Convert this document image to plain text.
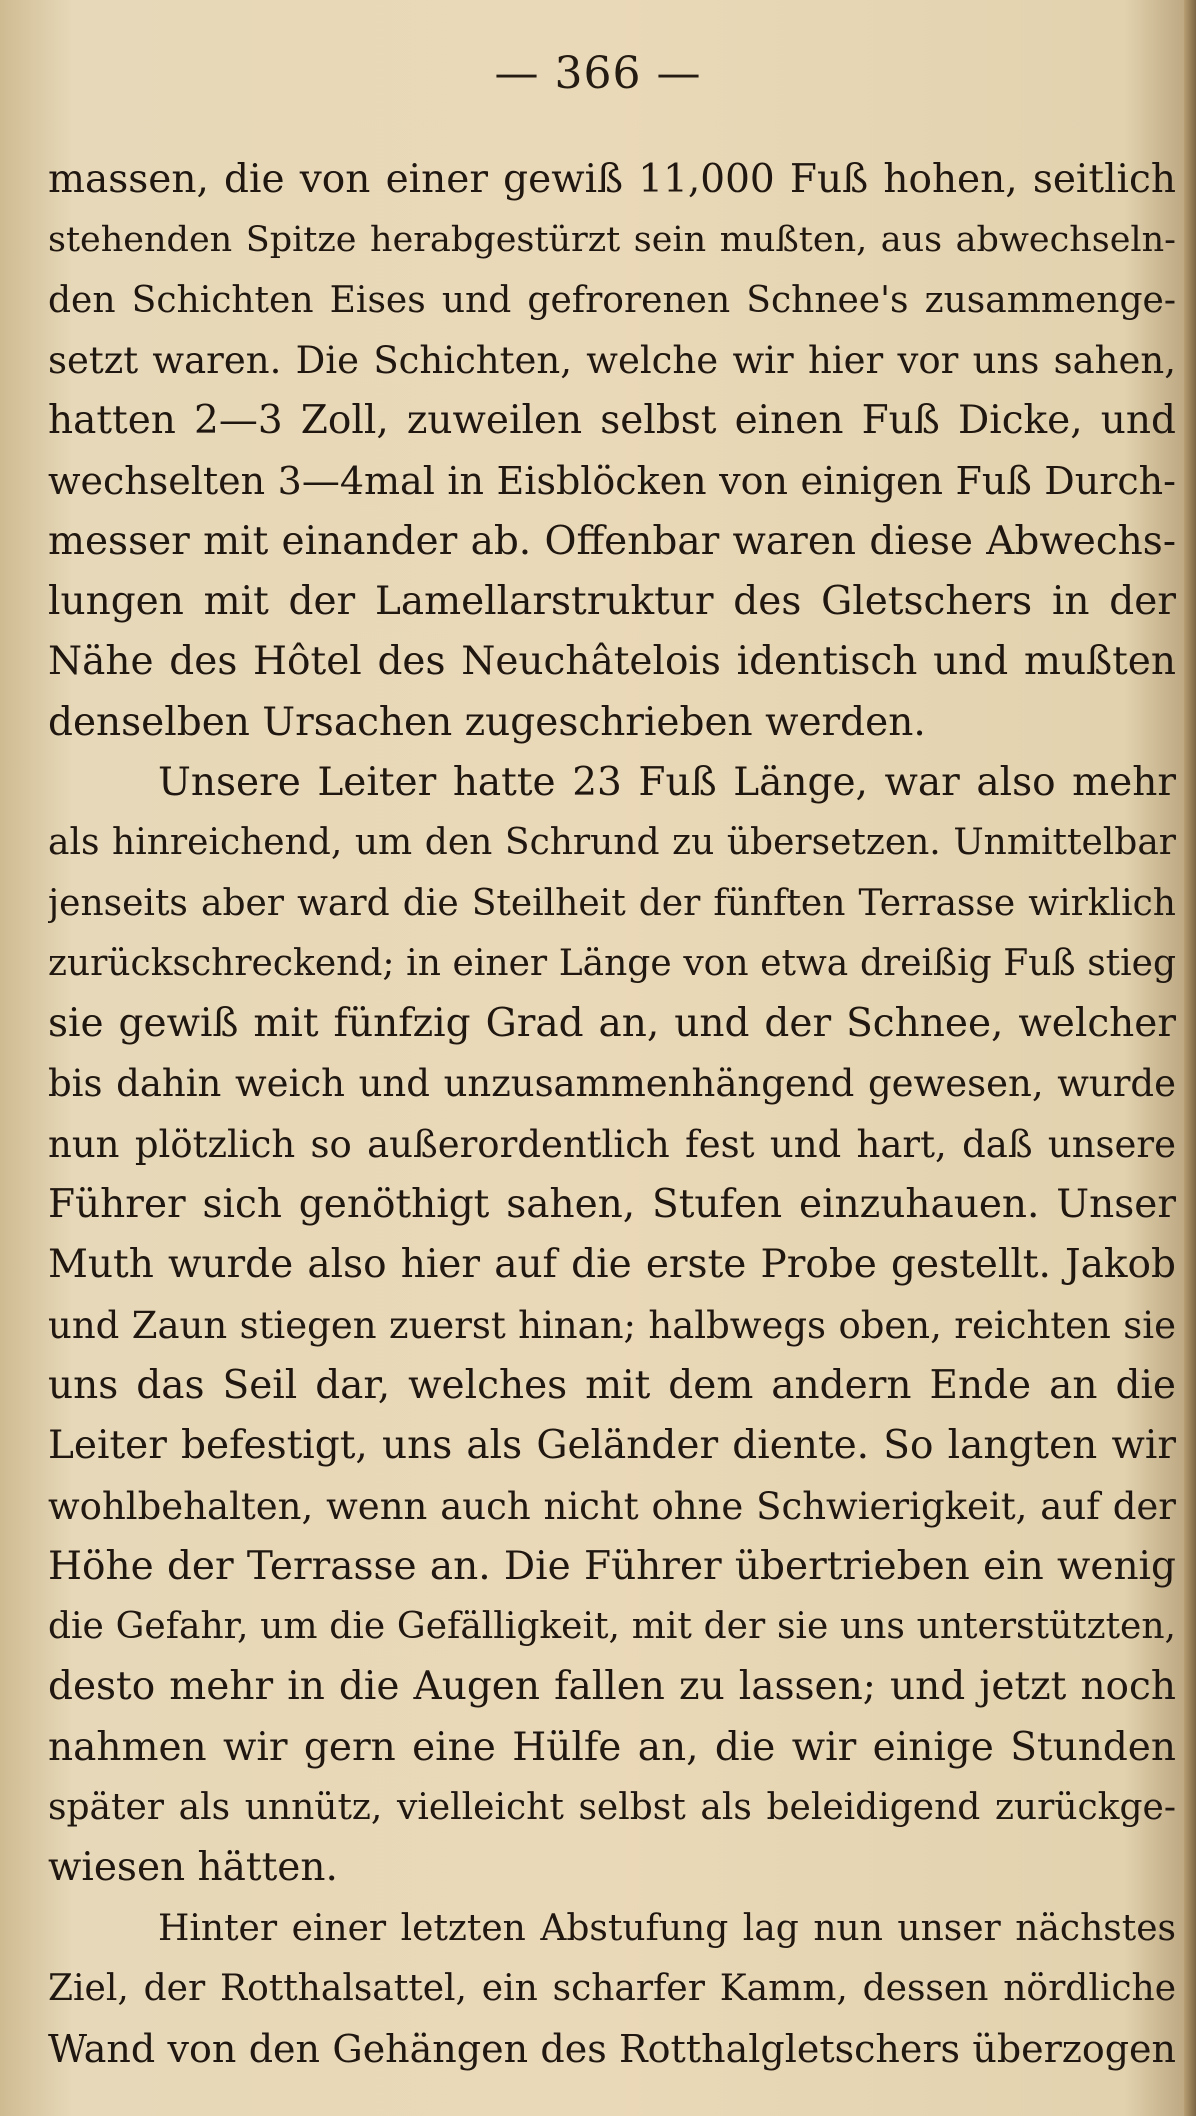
— 366 —
massen, die von einer gewiß 11,000 Fuß hohen, seitlich
stehenden Spitze herabgestürzt sein mußten, aus abwechseln-
den Schichten Eises und gefrorenen Schnee's zusammenge-
setzt waren. Die Schichten, welche wir hier vor uns sahen,
hatten 2—3 Zoll, zuweilen selbst einen Fuß Dicke, und
wechselten 3—4mal in Eisblöcken von einigen Fuß Durch-
messer mit einander ab. Offenbar waren diese Abwechs-
lungen mit der Lamellarstruktur des Gletschers in der
Nähe des Hôtel des Neuchâtelois identisch und mußten
denselben Ursachen zugeschrieben werden.
Unsere Leiter hatte 23 Fuß Länge, war also mehr
als hinreichend, um den Schrund zu übersetzen. Unmittelbar
jenseits aber ward die Steilheit der fünften Terrasse wirklich
zurückschreckend; in einer Länge von etwa dreißig Fuß stieg
sie gewiß mit fünfzig Grad an, und der Schnee, welcher
bis dahin weich und unzusammenhängend gewesen, wurde
nun plötzlich so außerordentlich fest und hart, daß unsere
Führer sich genöthigt sahen, Stufen einzuhauen. Unser
Muth wurde also hier auf die erste Probe gestellt. Jakob
und Zaun stiegen zuerst hinan; halbwegs oben, reichten sie
uns das Seil dar, welches mit dem andern Ende an die
Leiter befestigt, uns als Geländer diente. So langten wir
wohlbehalten, wenn auch nicht ohne Schwierigkeit, auf der
Höhe der Terrasse an. Die Führer übertrieben ein wenig
die Gefahr, um die Gefälligkeit, mit der sie uns unterstützten,
desto mehr in die Augen fallen zu lassen; und jetzt noch
nahmen wir gern eine Hülfe an, die wir einige Stunden
später als unnütz, vielleicht selbst als beleidigend zurückge-
wiesen hätten.
Hinter einer letzten Abstufung lag nun unser nächstes
Ziel, der Rotthalsattel, ein scharfer Kamm, dessen nördliche
Wand von den Gehängen des Rotthalgletschers überzogen
